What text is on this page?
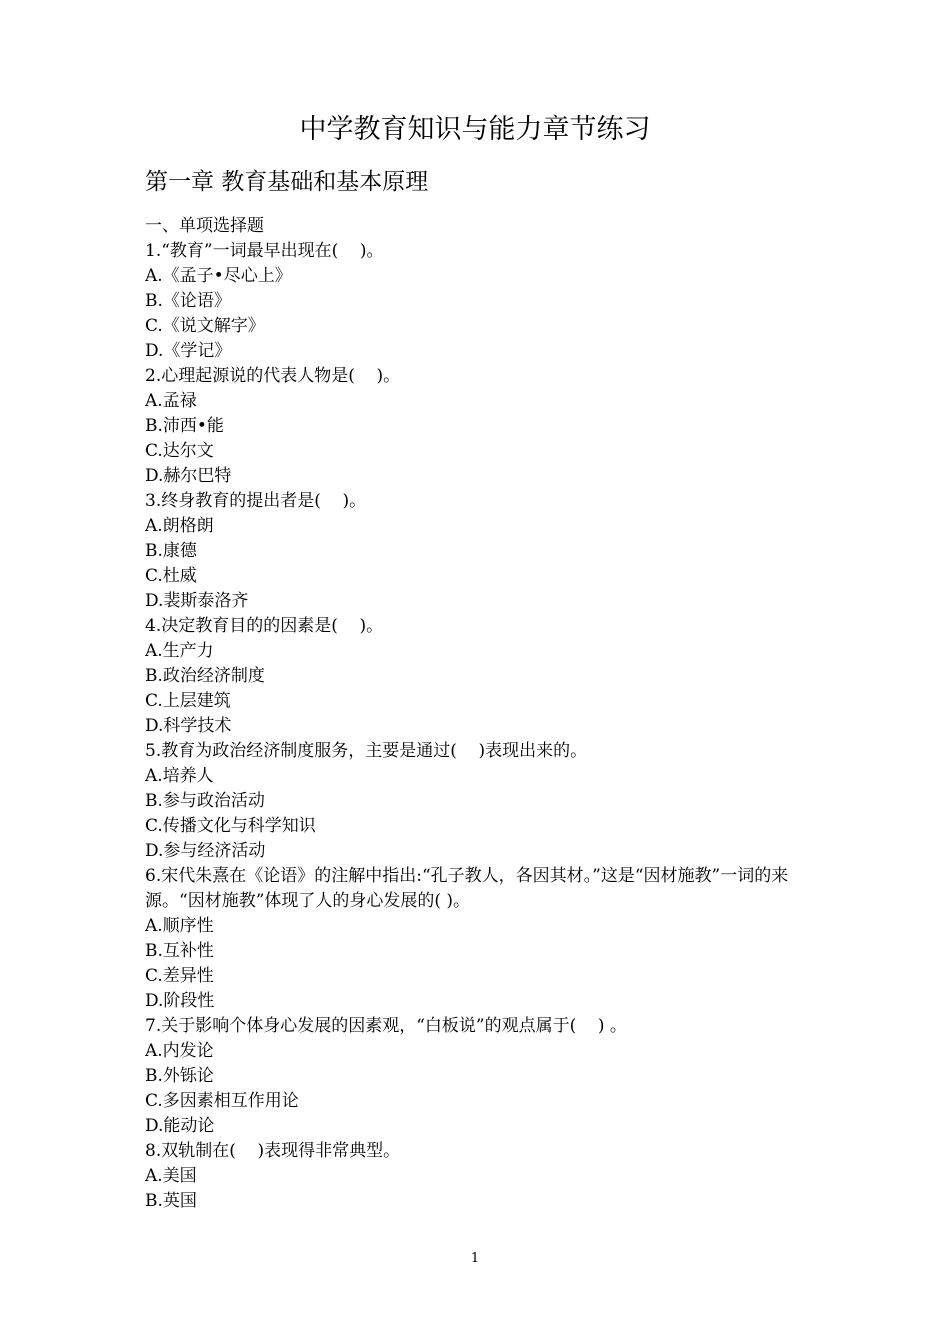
中学教育知识与能力章节练习
第一章 教育基础和基本原理
一、单项选择题
1.“教育”一词最早出现在(    )。
A.《孟子•尽心上》
B.《论语》
C.《说文解字》
D.《学记》
2.心理起源说的代表人物是(    )。
A.孟禄
B.沛西•能
C.达尔文
D.赫尔巴特
3.终身教育的提出者是(    )。
A.朗格朗
B.康德
C.杜威
D.裴斯泰洛齐
4.决定教育目的的因素是(    )。
A.生产力
B.政治经济制度
C.上层建筑
D.科学技术
5.教育为政治经济制度服务，主要是通过(    )表现出来的。
A.培养人
B.参与政治活动
C.传播文化与科学知识
D.参与经济活动
6.宋代朱熹在《论语》的注解中指出:“孔子教人，各因其材。”这是“因材施教”一词的来源。“因材施教”体现了人的身心发展的( )。
A.顺序性
B.互补性
C.差异性
D.阶段性
7.关于影响个体身心发展的因素观，“白板说”的观点属于(    ) 。
A.内发论
B.外铄论
C.多因素相互作用论
D.能动论
8.双轨制在(    )表现得非常典型。
A.美国
B.英国
1
